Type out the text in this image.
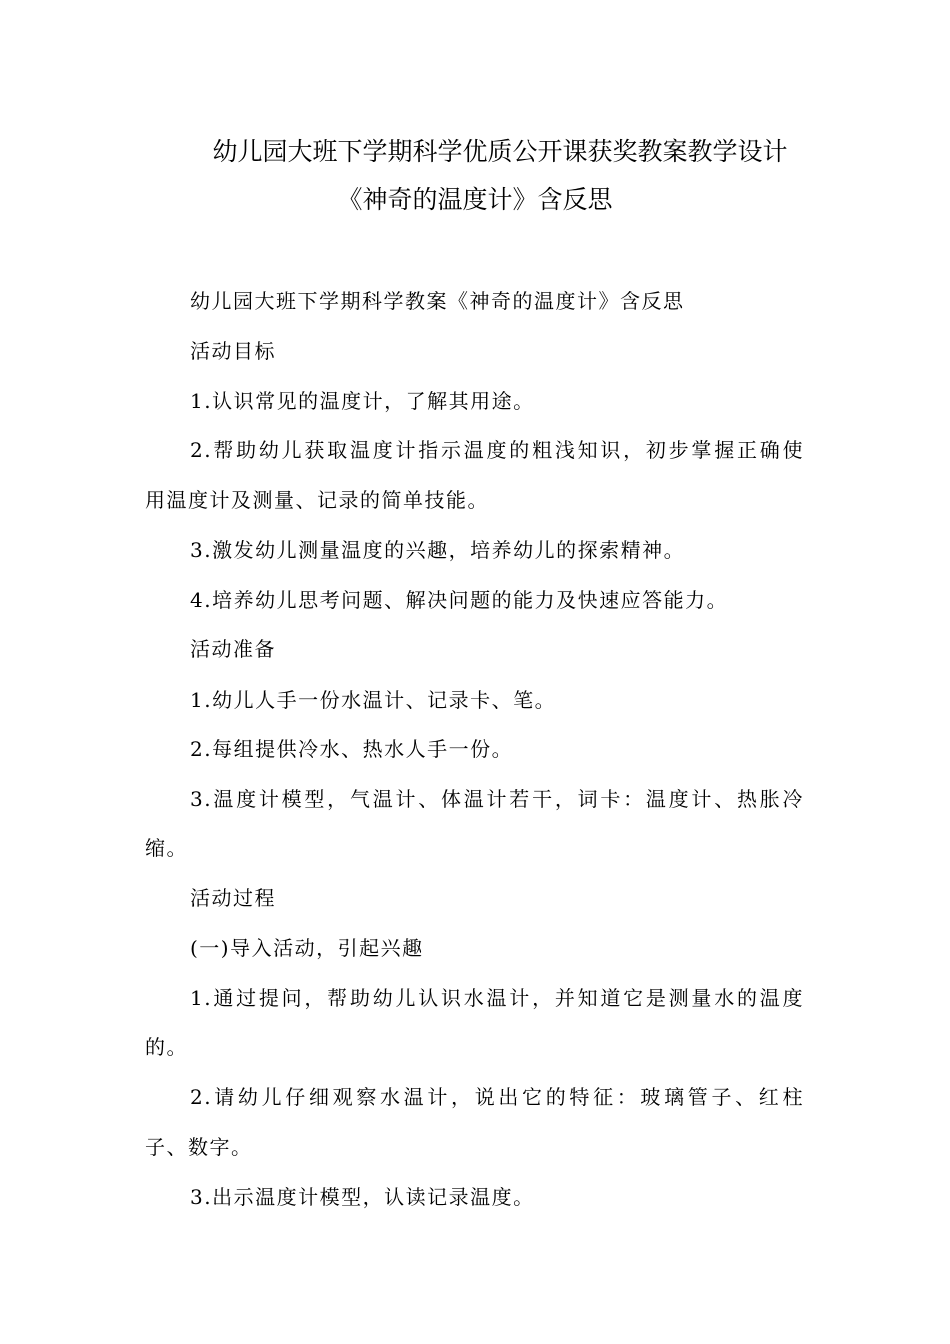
幼儿园大班下学期科学优质公开课获奖教案教学设计
《神奇的温度计》含反思
幼儿园大班下学期科学教案《神奇的温度计》含反思
活动目标
1.认识常见的温度计，了解其用途。
2.帮助幼儿获取温度计指示温度的粗浅知识，初步掌握正确使
用温度计及测量、记录的简单技能。
3.激发幼儿测量温度的兴趣，培养幼儿的探索精神。
4.培养幼儿思考问题、解决问题的能力及快速应答能力。
活动准备
1.幼儿人手一份水温计、记录卡、笔。
2.每组提供冷水、热水人手一份。
3.温度计模型，气温计、体温计若干，词卡：温度计、热胀冷
缩。
活动过程
(一)导入活动，引起兴趣
1.通过提问，帮助幼儿认识水温计，并知道它是测量水的温度
的。
2.请幼儿仔细观察水温计，说出它的特征：玻璃管子、红柱
子、数字。
3.出示温度计模型，认读记录温度。
